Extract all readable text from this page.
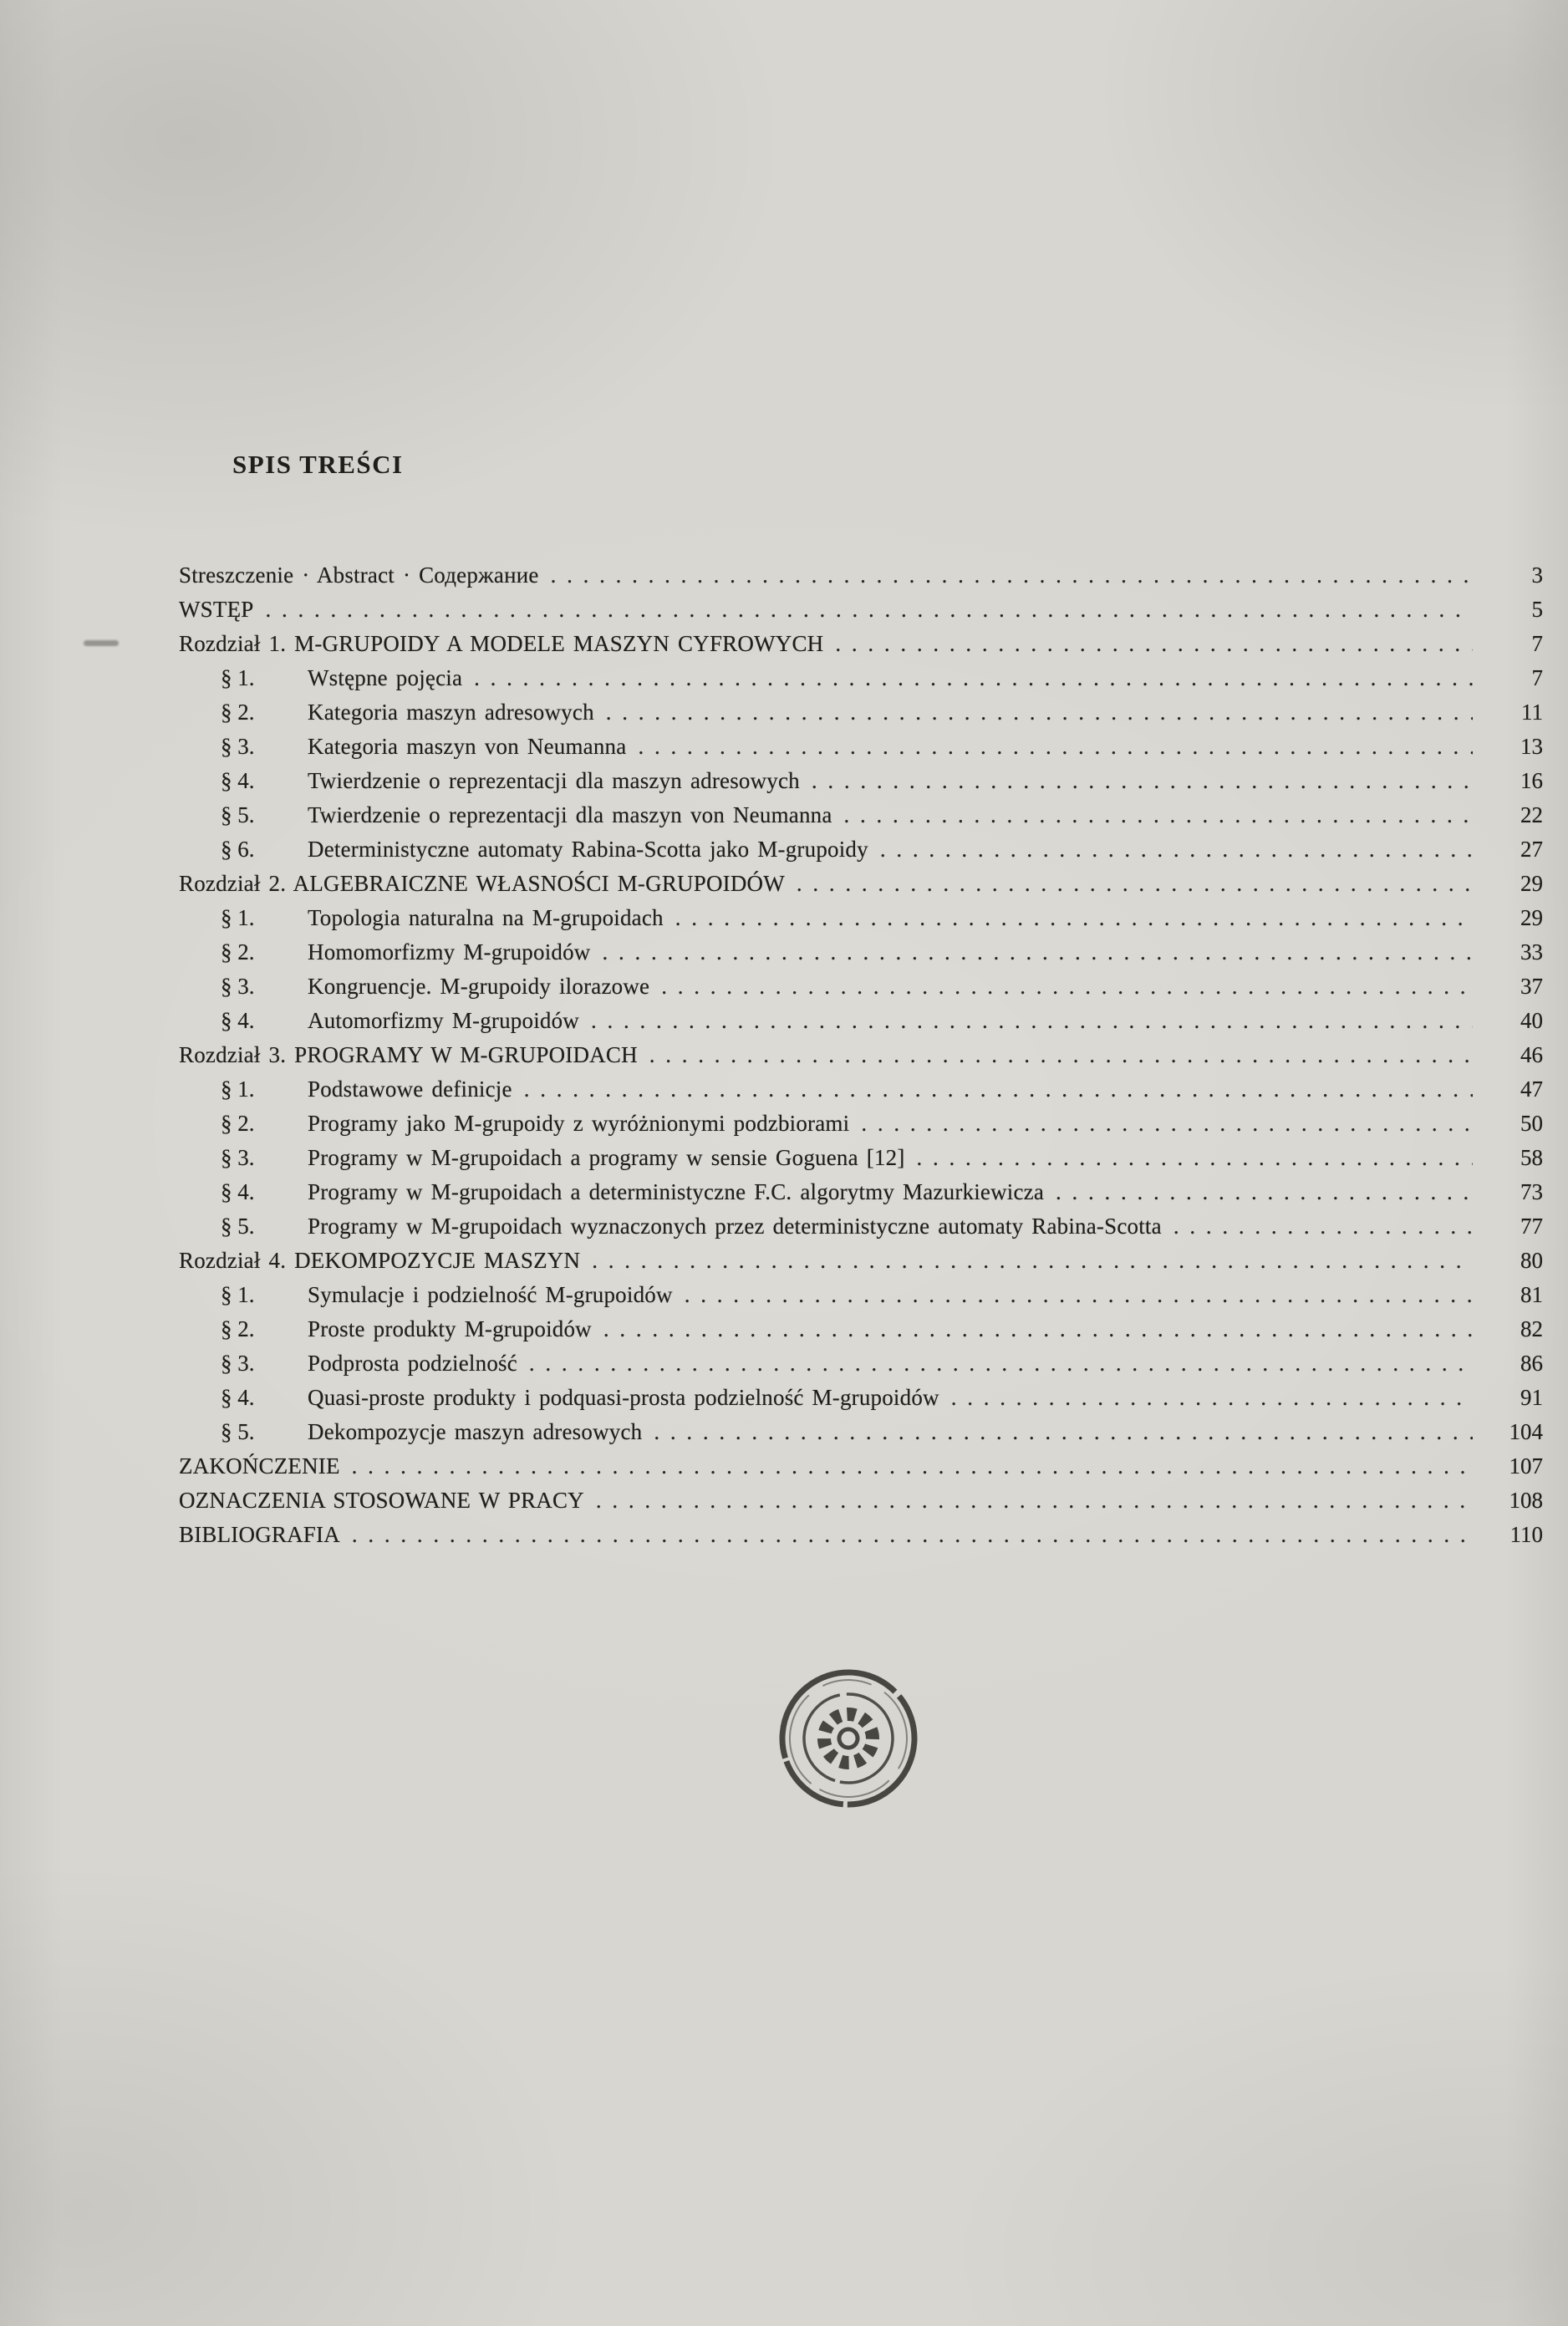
SPIS TREŚCI
Streszczenie · Abstract · Содержание . . .	3
WSTĘP . . .	5
Rozdział 1. M-GRUPOIDY A MODELE MASZYN CYFROWYCH . . .	7
§ 1.	Wstępne pojęcia . . .	7
§ 2.	Kategoria maszyn adresowych . . .	11
§ 3.	Kategoria maszyn von Neumanna . . .	13
§ 4.	Twierdzenie o reprezentacji dla maszyn adresowych . . .	16
§ 5.	Twierdzenie o reprezentacji dla maszyn von Neumanna . . .	22
§ 6.	Deterministyczne automaty Rabina-Scotta jako M-grupoidy . . .	27
Rozdział 2. ALGEBRAICZNE WŁASNOŚCI M-GRUPOIDÓW . . .	29
§ 1.	Topologia naturalna na M-grupoidach . . .	29
§ 2.	Homomorfizmy M-grupoidów . . .	33
§ 3.	Kongruencje. M-grupoidy ilorazowe . . .	37
§ 4.	Automorfizmy M-grupoidów . . .	40
Rozdział 3. PROGRAMY W M-GRUPOIDACH . . .	46
§ 1.	Podstawowe definicje . . .	47
§ 2.	Programy jako M-grupoidy z wyróżnionymi podzbiorami . . .	50
§ 3.	Programy w M-grupoidach a programy w sensie Goguena [12] . . .	58
§ 4.	Programy w M-grupoidach a deterministyczne F.C. algorytmy Mazurkiewicza . . .	73
§ 5.	Programy w M-grupoidach wyznaczonych przez deterministyczne automaty Rabina-Scotta . . .	77
Rozdział 4. DEKOMPOZYCJE MASZYN . . .	80
§ 1.	Symulacje i podzielność M-grupoidów . . .	81
§ 2.	Proste produkty M-grupoidów . . .	82
§ 3.	Podprosta podzielność . . .	86
§ 4.	Quasi-proste produkty i podquasi-prosta podzielność M-grupoidów . . .	91
§ 5.	Dekompozycje maszyn adresowych . . .	104
ZAKOŃCZENIE . . .	107
OZNACZENIA STOSOWANE W PRACY . . .	108
BIBLIOGRAFIA . . .	110
